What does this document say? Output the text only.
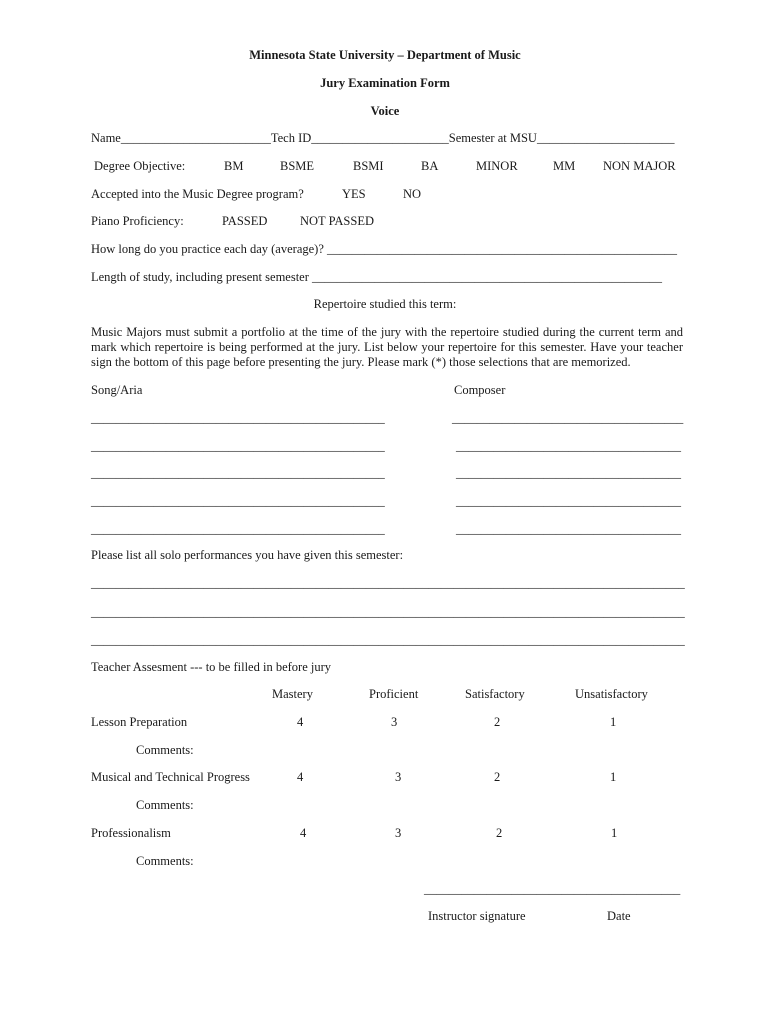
Minnesota State University – Department of Music
Jury Examination Form
Voice
Name________________________Tech ID______________________Semester at MSU______________________
Degree Objective:	BM	BSME	BSMI	BA	MINOR	MM NON MAJOR
Accepted into the Music Degree program?	YES	NO
Piano Proficiency:	PASSED	NOT PASSED
How long do you practice each day (average)? ________________________________________________________
Length of study, including present semester ________________________________________________________
Repertoire studied this term:
Music Majors must submit a portfolio at the time of the jury with the repertoire studied during the current term and mark which repertoire is being performed at the jury. List below your repertoire for this semester. Have your teacher sign the bottom of this page before presenting the jury. Please mark (*) those selections that are memorized.
Song/Aria	Composer
_______________________________________________	_____________________________________
_______________________________________________	____________________________________
_______________________________________________	____________________________________
_______________________________________________	____________________________________
_______________________________________________	____________________________________
Please list all solo performances you have given this semester:
_______________________________________________________________________________________________
_______________________________________________________________________________________________
_______________________________________________________________________________________________
Teacher Assesment --- to be filled in before jury
Mastery	Proficient	Satisfactory	Unsatisfactory
Lesson Preparation	4	3	2	1
Comments:
Musical and Technical Progress	4	3	2	1
Comments:
Professionalism	4	3	2	1
Comments:
_________________________________________
Instructor signature	Date
